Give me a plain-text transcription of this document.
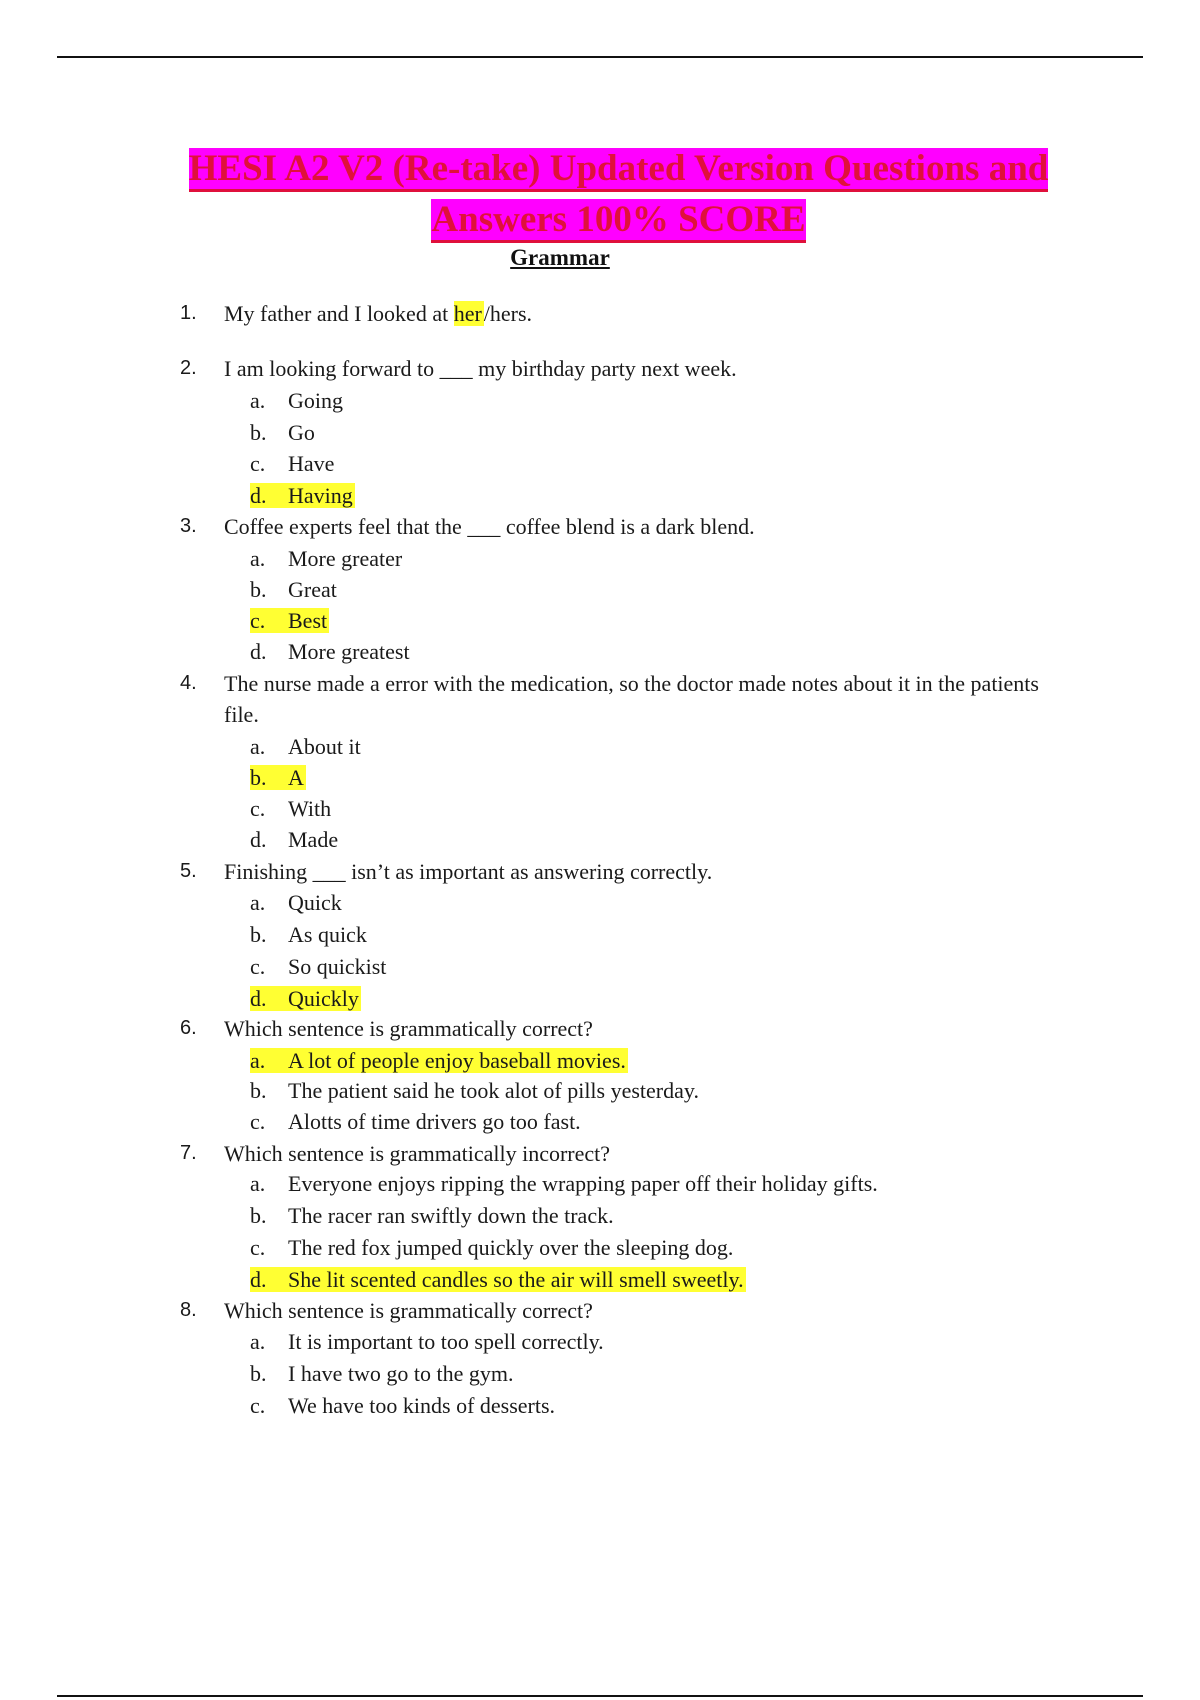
HESI A2 V2 (Re-take) Updated Version Questions and
Answers 100% SCORE
Grammar
1. My father and I looked at her/hers.
2. I am looking forward to ___ my birthday party next week.
a. Going
b. Go
c. Have
d. Having
3. Coffee experts feel that the ___ coffee blend is a dark blend.
a. More greater
b. Great
c. Best
d. More greatest
4. The nurse made a error with the medication, so the doctor made notes about it in the patients file.
a. About it
b. A
c. With
d. Made
5. Finishing ___ isn’t as important as answering correctly.
a. Quick
b. As quick
c. So quickist
d. Quickly
6. Which sentence is grammatically correct?
a. A lot of people enjoy baseball movies.
b. The patient said he took alot of pills yesterday.
c. Alotts of time drivers go too fast.
7. Which sentence is grammatically incorrect?
a. Everyone enjoys ripping the wrapping paper off their holiday gifts.
b. The racer ran swiftly down the track.
c. The red fox jumped quickly over the sleeping dog.
d. She lit scented candles so the air will smell sweetly.
8. Which sentence is grammatically correct?
a. It is important to too spell correctly.
b. I have two go to the gym.
c. We have too kinds of desserts.
